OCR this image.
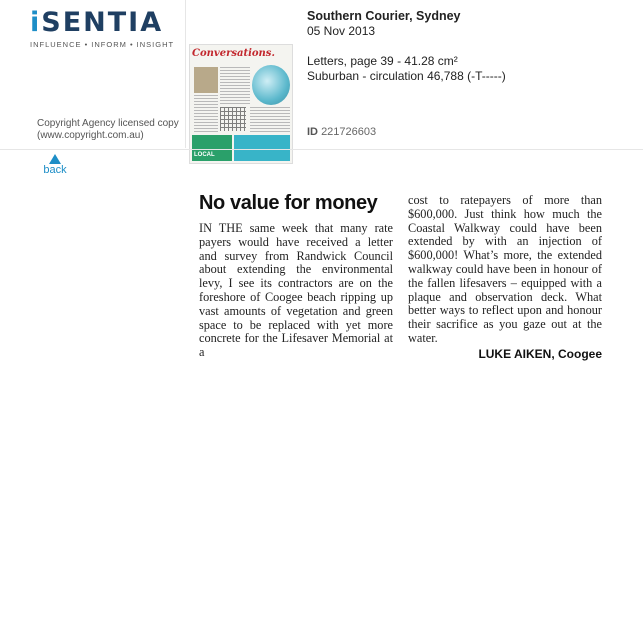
iSENTIA
INFLUENCE • INFORM • INSIGHT
Copyright Agency licensed copy
(www.copyright.com.au)
Conversations.
LOCAL
Southern Courier, Sydney
05 Nov 2013
Letters, page 39 - 41.28 cm²
Suburban - circulation 46,788 (-T-----)
ID 221726603
back
No value for money
IN THE same week that many rate payers would have received a letter and survey from Randwick Council about extending the environmental levy, I see its contractors are on the foreshore of Coogee beach ripping up vast amounts of vegetation and green space to be replaced with yet more concrete for the Lifesaver Memorial at a
cost to ratepayers of more than $600,000. Just think how much the Coastal Walkway could have been extended by with an injection of $600,000! What’s more, the extended walkway could have been in honour of the fallen lifesavers – equipped with a plaque and observation deck. What better ways to reflect upon and honour their sacrifice as you gaze out at the water.
LUKE AIKEN, Coogee
